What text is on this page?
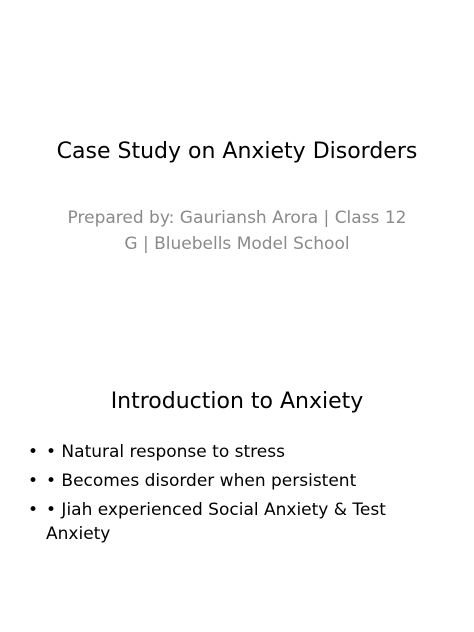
Case Study on Anxiety Disorders
Prepared by: Gauriansh Arora | Class 12 G | Bluebells Model School
Introduction to Anxiety
• • Natural response to stress
• • Becomes disorder when persistent
• • Jiah experienced Social Anxiety & Test Anxiety
